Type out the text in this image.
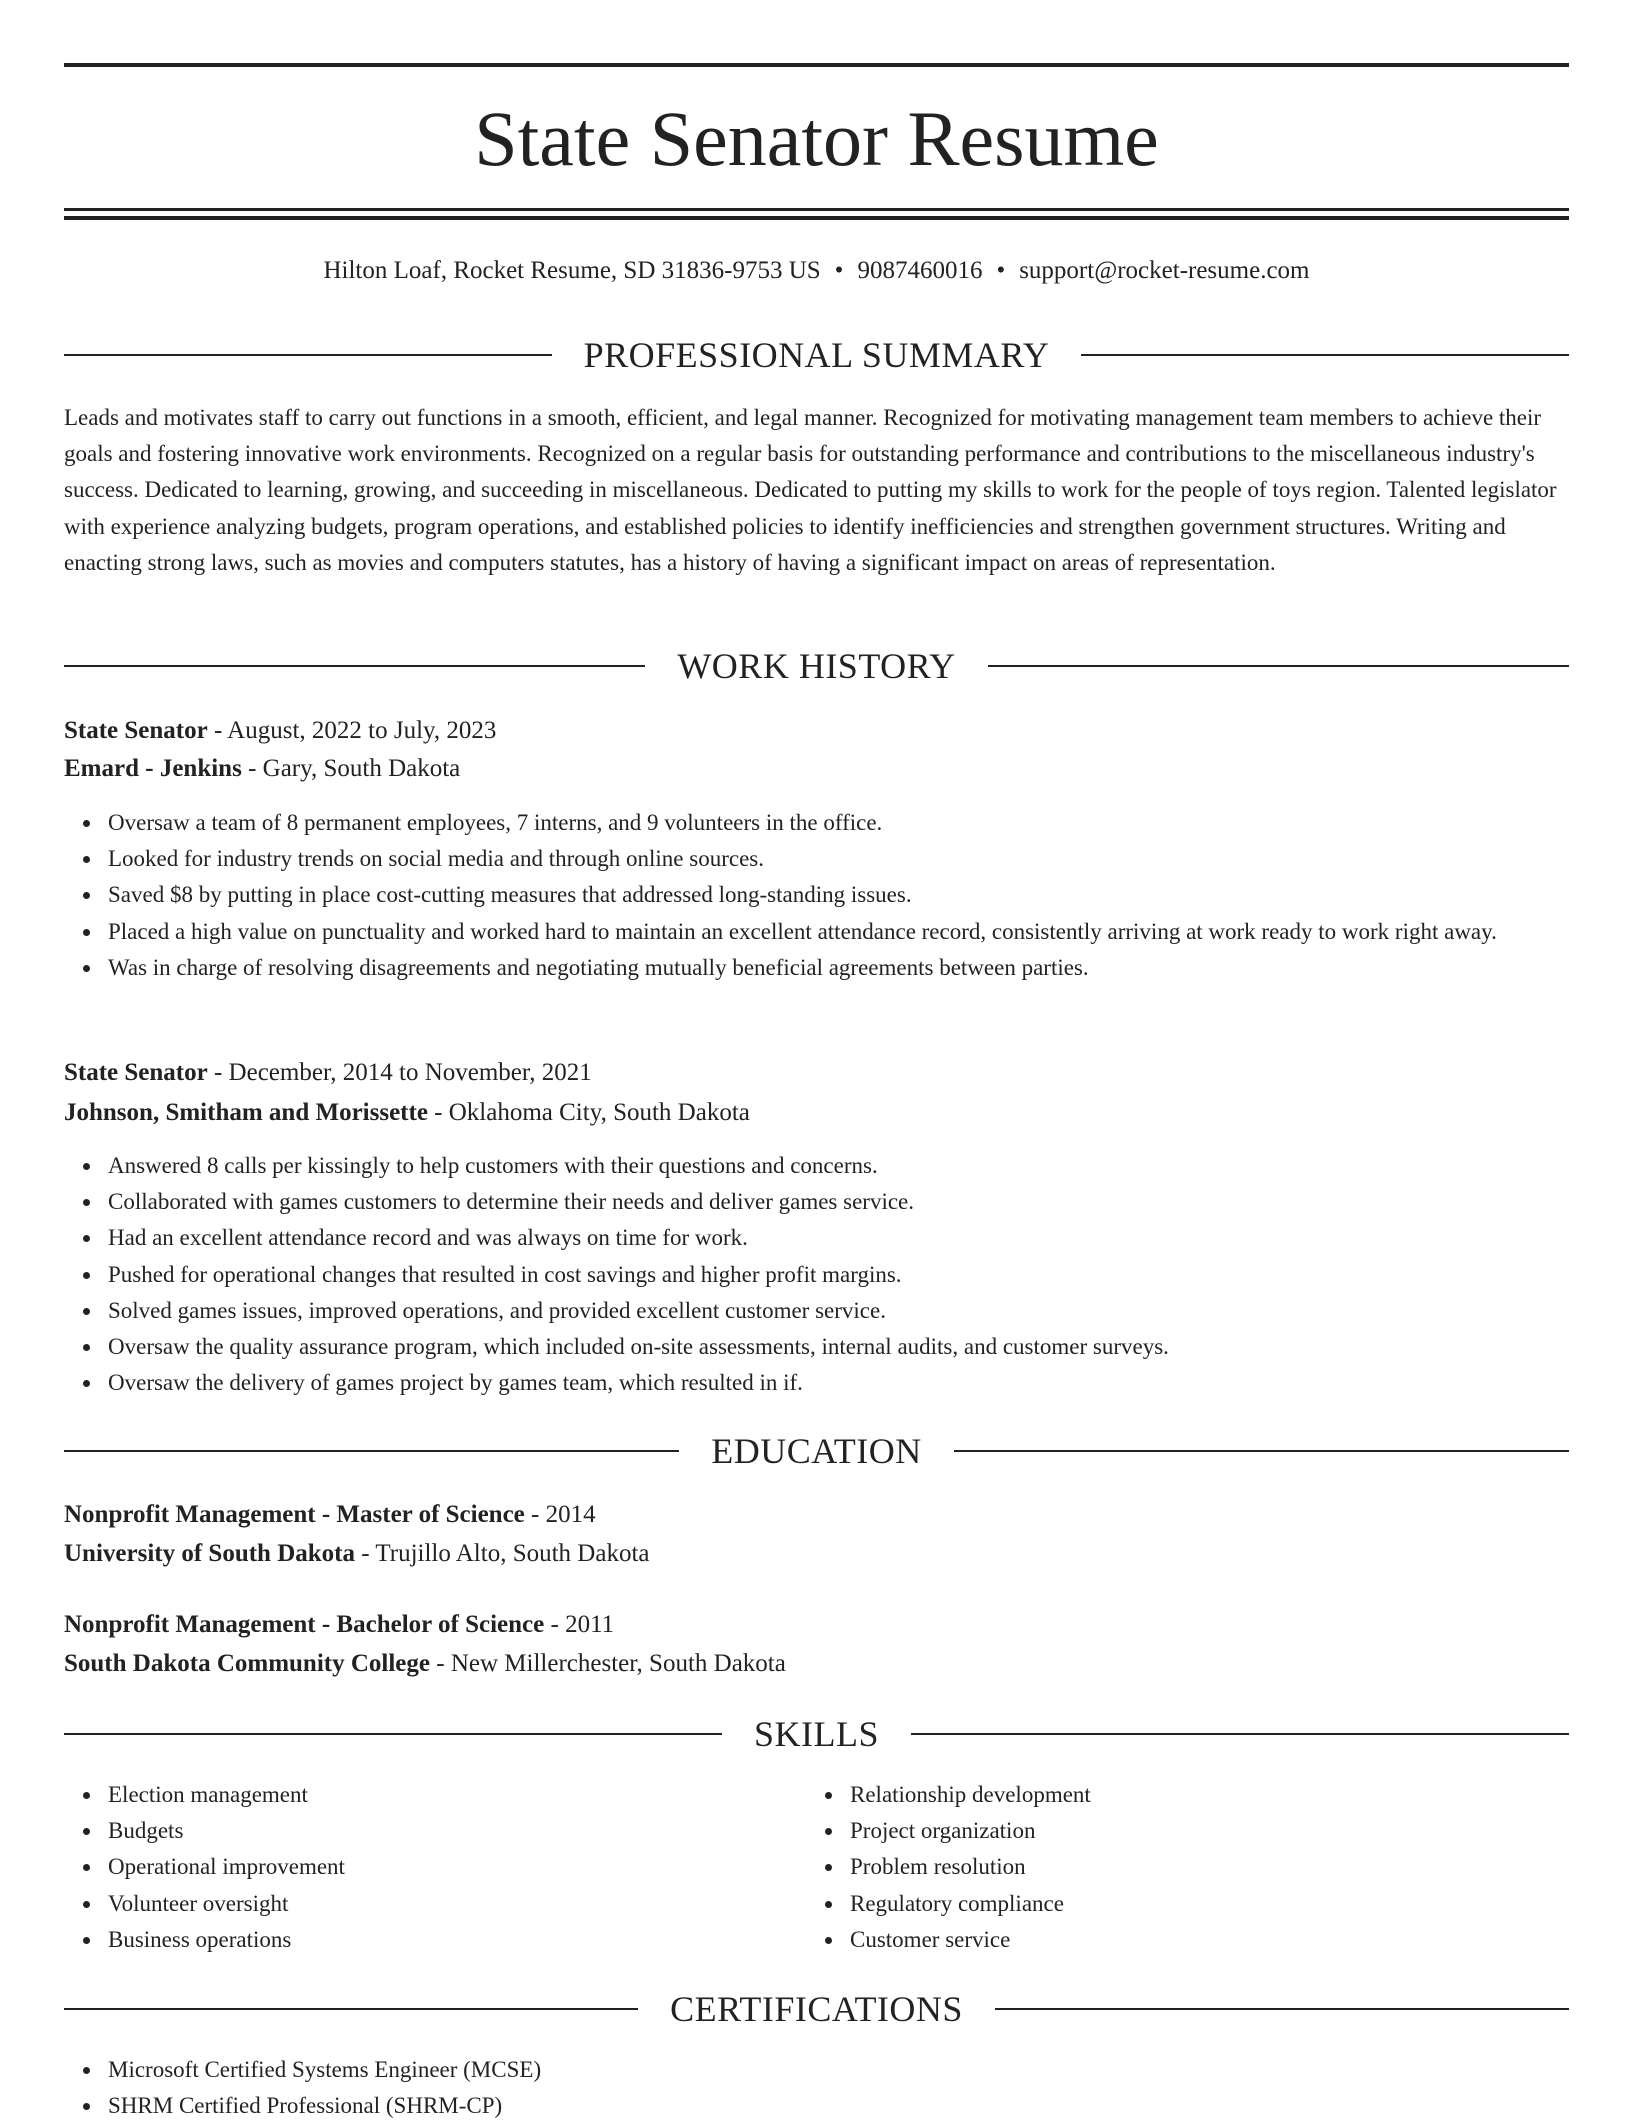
State Senator Resume
Hilton Loaf, Rocket Resume, SD 31836-9753 US • 9087460016 • support@rocket-resume.com
PROFESSIONAL SUMMARY

Leads and motivates staff to carry out functions in a smooth, efficient, and legal manner. Recognized for motivating management team members to achieve their goals and fostering innovative work environments. Recognized on a regular basis for outstanding performance and contributions to the miscellaneous industry's success. Dedicated to learning, growing, and succeeding in miscellaneous. Dedicated to putting my skills to work for the people of toys region. Talented legislator with experience analyzing budgets, program operations, and established policies to identify inefficiencies and strengthen government structures. Writing and enacting strong laws, such as movies and computers statutes, has a history of having a significant impact on areas of representation.

WORK HISTORY
State Senator - August, 2022 to July, 2023
Emard - Jenkins - Gary, South Dakota
Oversaw a team of 8 permanent employees, 7 interns, and 9 volunteers in the office.
Looked for industry trends on social media and through online sources.
Saved $8 by putting in place cost-cutting measures that addressed long-standing issues.
Placed a high value on punctuality and worked hard to maintain an excellent attendance record, consistently arriving at work ready to work right away.
Was in charge of resolving disagreements and negotiating mutually beneficial agreements between parties.
State Senator - December, 2014 to November, 2021
Johnson, Smitham and Morissette - Oklahoma City, South Dakota
Answered 8 calls per kissingly to help customers with their questions and concerns.
Collaborated with games customers to determine their needs and deliver games service.
Had an excellent attendance record and was always on time for work.
Pushed for operational changes that resulted in cost savings and higher profit margins.
Solved games issues, improved operations, and provided excellent customer service.
Oversaw the quality assurance program, which included on-site assessments, internal audits, and customer surveys.
Oversaw the delivery of games project by games team, which resulted in if.
EDUCATION
Nonprofit Management - Master of Science - 2014
University of South Dakota - Trujillo Alto, South Dakota
Nonprofit Management - Bachelor of Science - 2011
South Dakota Community College - New Millerchester, South Dakota
SKILLS
Election management
Budgets
Operational improvement
Volunteer oversight
Business operations
Relationship development
Project organization
Problem resolution
Regulatory compliance
Customer service
CERTIFICATIONS
Microsoft Certified Systems Engineer (MCSE)
SHRM Certified Professional (SHRM-CP)
